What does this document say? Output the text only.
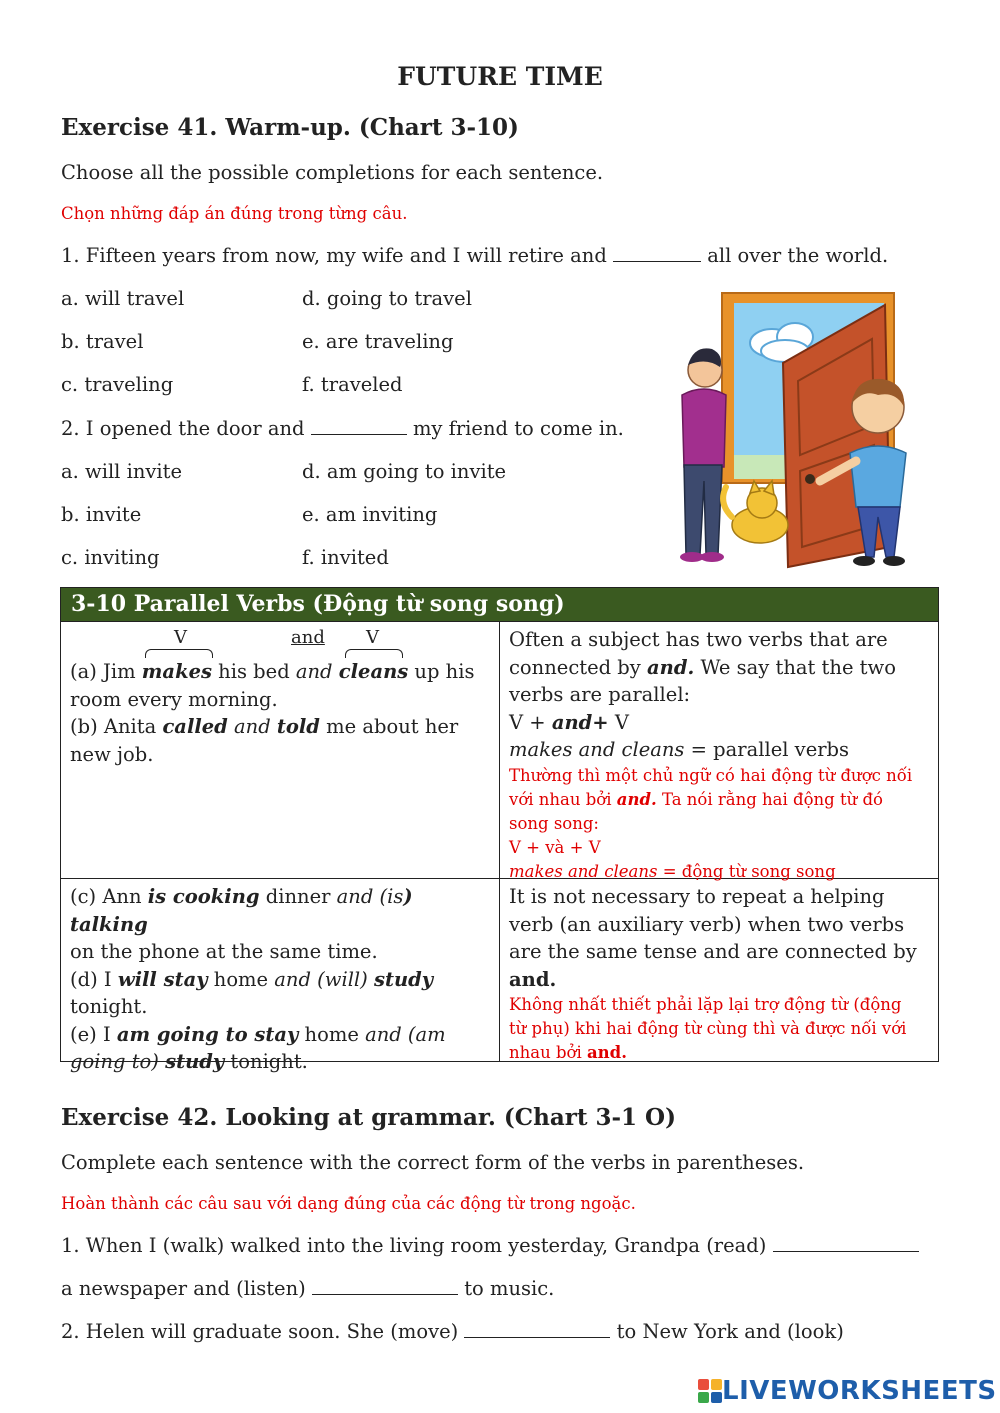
FUTURE TIME
Exercise 41. Warm-up. (Chart 3-10)
Choose all the possible completions for each sentence.
Chọn những đáp án đúng trong từng câu.
1. Fifteen years from now, my wife and I will retire and	all over the world.
a. will travel
b. travel
c. traveling
d. going to travel
e. are traveling
f. traveled
2. I opened the door and	my friend to come in.
a. will invite
b. invite
c. inviting
d. am going to invite
e. am inviting
f. invited
3-10 Parallel Verbs (Động từ song song)
V	and V
(a) Jim makes his bed and cleans up his
room every morning.
(b) Anita called and told me about her
new job.
Often a subject has two verbs that are
connected by and. We say that the two
verbs are parallel:
V + and+ V
makes and cleans = parallel verbs
Thường thì một chủ ngữ có hai động từ được nối
với nhau bởi and. Ta nói rằng hai động từ đó
song song:
V + và + V
makes and cleans = động từ song song
(c) Ann is cooking dinner and (is) talking
on the phone at the same time.
(d) I will stay home and (will) study
tonight.
(e) I am going to stay home and (am
going to) study tonight.
It is not necessary to repeat a helping
verb (an auxiliary verb) when two verbs
are the same tense and are connected by
and.
Không nhất thiết phải lặp lại trợ động từ (động
từ phụ) khi hai động từ cùng thì và được nối với
nhau bởi and.
Exercise 42. Looking at grammar. (Chart 3-1 O)
Complete each sentence with the correct form of the verbs in parentheses.
Hoàn thành các câu sau với dạng đúng của các động từ trong ngoặc.
1. When I (walk) walked into the living room yesterday, Grandpa (read)
a newspaper and (listen)	to music.
2. Helen will graduate soon. She (move)	to New York and (look)
LIVEWORKSHEETS
